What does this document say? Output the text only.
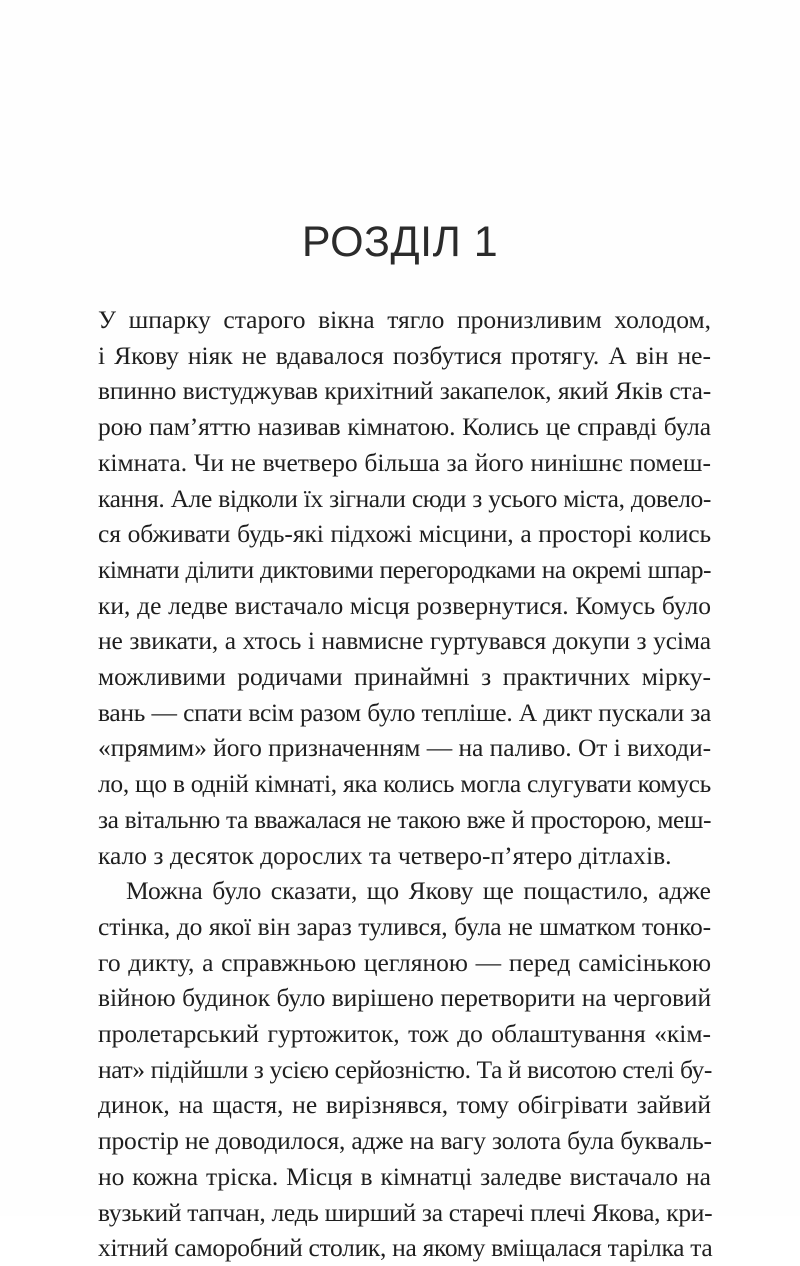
РОЗДІЛ 1
У шпарку старого вікна тягло пронизливим холодом,
і Якову ніяк не вдавалося позбутися протягу. А він не-
впинно вистуджував крихітний закапелок, який Яків ста-
рою пам’яттю називав кімнатою. Колись це справді була
кімната. Чи не вчетверо більша за його нинішнє помеш-
кання. Але відколи їх зігнали сюди з усього міста, довело-
ся обживати будь-які підхожі місцини, а просторі колись
кімнати ділити диктовими перегородками на окремі шпар-
ки, де ледве вистачало місця розвернутися. Комусь було
не звикати, а хтось і навмисне гуртувався докупи з усіма
можливими родичами принаймні з практичних мірку-
вань — спати всім разом було тепліше. А дикт пускали за
«прямим» його призначенням — на паливо. От і виходи-
ло, що в одній кімнаті, яка колись могла слугувати комусь
за вітальню та вважалася не такою вже й просторою, меш-
кало з десяток дорослих та четверо-п’ятеро дітлахів.
Можна було сказати, що Якову ще пощастило, адже
стінка, до якої він зараз тулився, була не шматком тонко-
го дикту, а справжньою цегляною — перед самісінькою
війною будинок було вирішено перетворити на черговий
пролетарський гуртожиток, тож до облаштування «кім-
нат» підійшли з усією серйозністю. Та й висотою стелі бу-
динок, на щастя, не вирізнявся, тому обігрівати зайвий
простір не доводилося, адже на вагу золота була букваль-
но кожна тріска. Місця в кімнатці заледве вистачало на
вузький тапчан, ледь ширший за старечі плечі Якова, кри-
хітний саморобний столик, на якому вміщалася тарілка та
